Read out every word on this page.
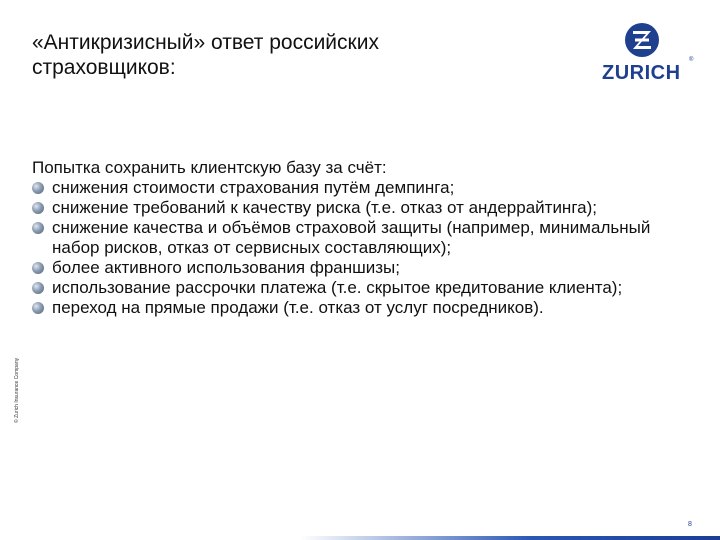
«Антикризисный» ответ российских
страховщиков:	ZURICH
®

Попытка сохранить клиентскую базу за счёт:

снижения стоимости страхования путём демпинга;
снижение требований к качеству риска (т.е. отказ от андеррайтинга);
снижение качества и объёмов страховой защиты (например, минимальный набор рисков, отказ от сервисных составляющих);
более активного использования франшизы;
использование рассрочки платежа (т.е. скрытое кредитование клиента);
переход на прямые продажи (т.е. отказ от услуг посредников).
© Zurich Insurance Company
8
